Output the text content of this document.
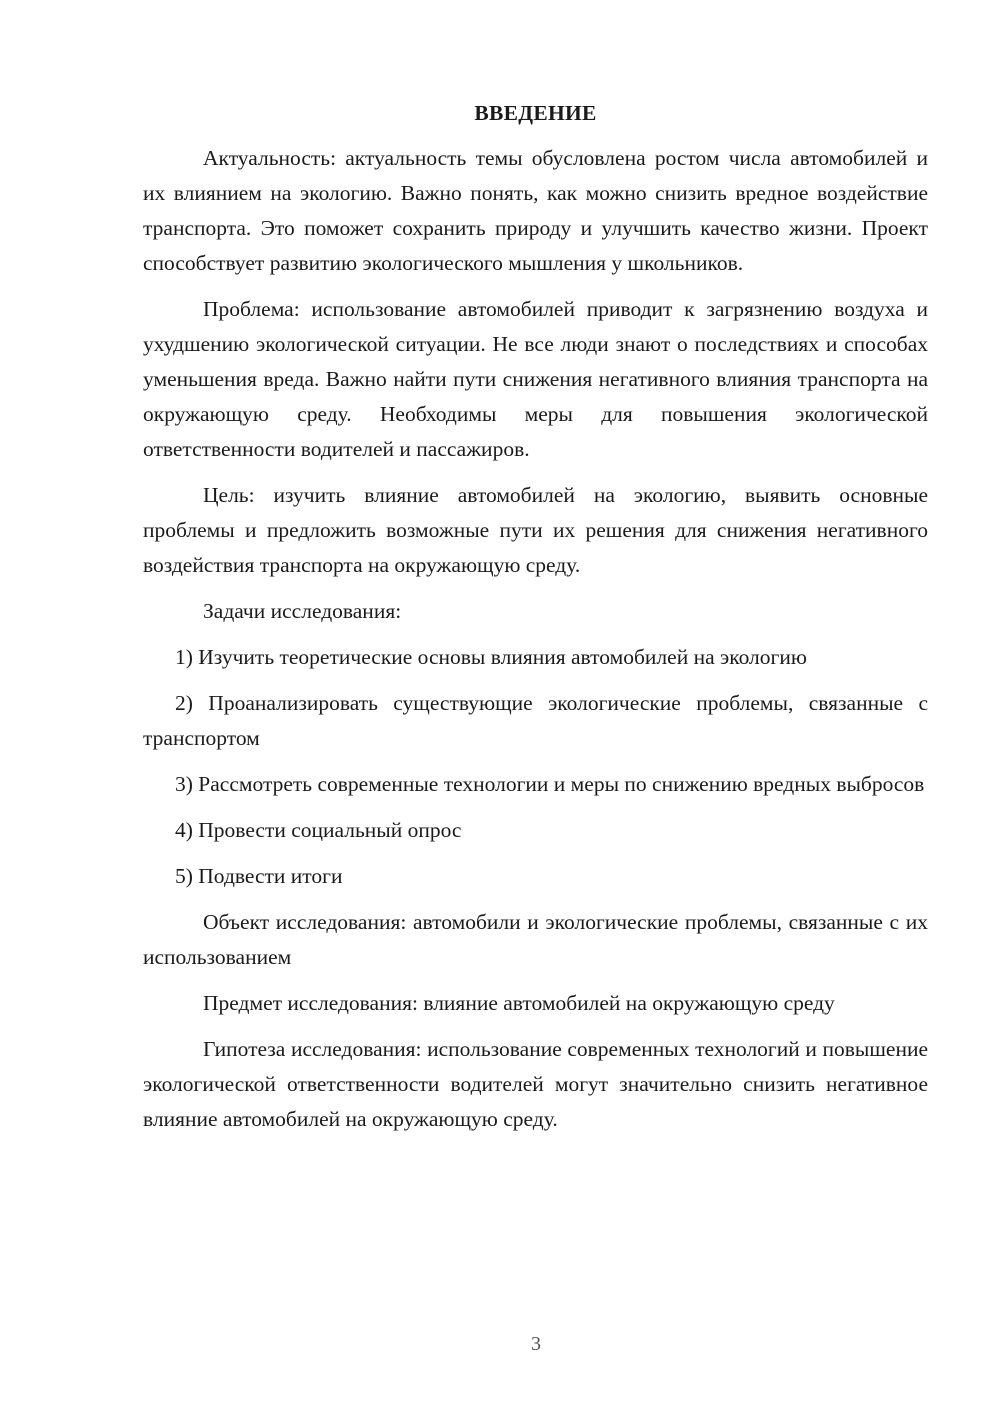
ВВЕДЕНИЕ

Актуальность: актуальность темы обусловлена ростом числа автомобилей и их влиянием на экологию. Важно понять, как можно снизить вредное воздействие транспорта. Это поможет сохранить природу и улучшить качество жизни. Проект способствует развитию экологического мышления у школьников.

Проблема: использование автомобилей приводит к загрязнению воздуха и ухудшению экологической ситуации. Не все люди знают о последствиях и способах уменьшения вреда. Важно найти пути снижения негативного влияния транспорта на окружающую среду. Необходимы меры для повышения экологической ответственности водителей и пассажиров.

Цель: изучить влияние автомобилей на экологию, выявить основные проблемы и предложить возможные пути их решения для снижения негативного воздействия транспорта на окружающую среду.

Задачи исследования:

1) Изучить теоретические основы влияния автомобилей на экологию

2) Проанализировать существующие экологические проблемы, связанные с транспортом

3) Рассмотреть современные технологии и меры по снижению вредных выбросов

4) Провести социальный опрос

5) Подвести итоги

Объект исследования: автомобили и экологические проблемы, связанные с их использованием

Предмет исследования: влияние автомобилей на окружающую среду

Гипотеза исследования: использование современных технологий и повышение экологической ответственности водителей могут значительно снизить негативное влияние автомобилей на окружающую среду.

3
